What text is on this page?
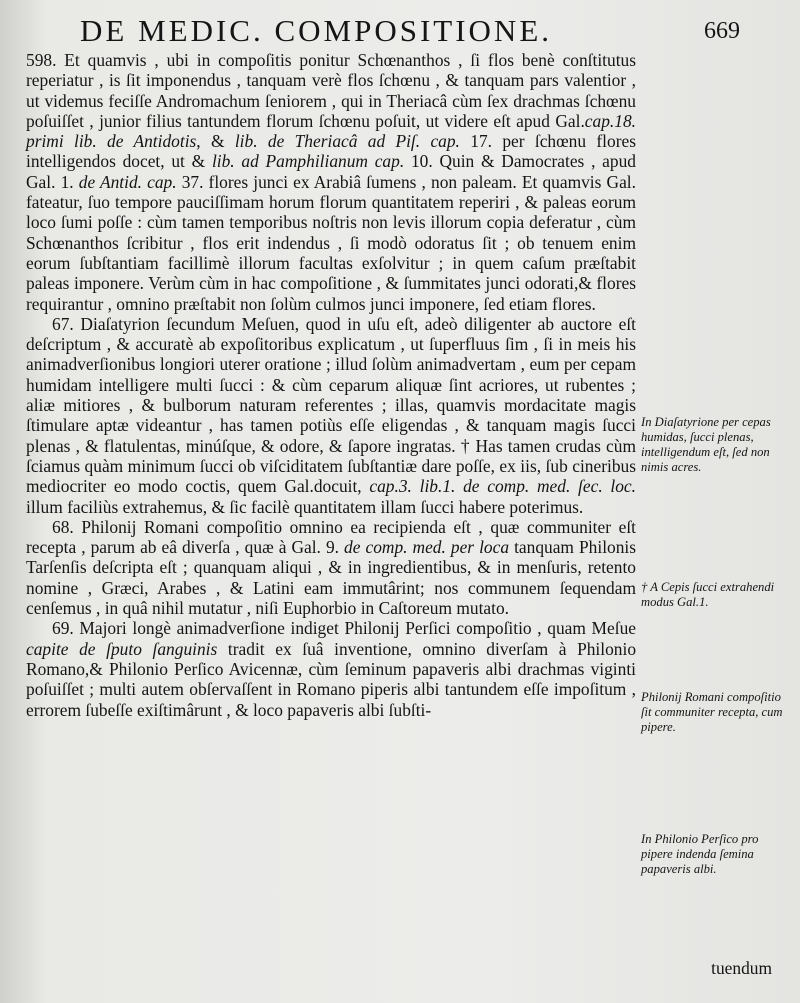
DE MEDIC. COMPOSITIONE.	669

598. Et quamvis , ubi in compoſitis ponitur Schœnanthos , ſi flos benè conſtitutus reperiatur , is ſit imponendus , tanquam verè flos ſchœnu , & tanquam pars valentior , ut videmus feciſſe Andromachum ſeniorem , qui in Theriacâ cùm ſex drachmas ſchœnu poſuiſſet , junior filius tantundem florum ſchœnu poſuit, ut videre eſt apud Gal.cap.18. primi lib. de Antidotis, & lib. de Theriacâ ad Piſ. cap. 17. per ſchœnu flores intelligendos docet, ut & lib. ad Pamphilianum cap. 10. Quin & Damocrates , apud Gal. 1. de Antid. cap. 37. flores junci ex Arabiâ ſumens , non paleam. Et quamvis Gal. fateatur, ſuo tempore pauciſſimam horum florum quantitatem reperiri , & paleas eorum loco ſumi poſſe : cùm tamen temporibus noſtris non levis illorum copia deferatur , cùm Schœnanthos ſcribitur , flos erit indendus , ſi modò odoratus ſit ; ob tenuem enim eorum ſubſtantiam facillimè illorum facultas exſolvitur ; in quem caſum præſtabit paleas imponere. Verùm cùm in hac compoſitione , & ſummitates junci odorati,& flores requirantur , omnino præſtabit non ſolùm culmos junci imponere, ſed etiam flores.

67. Diaſatyrion ſecundum Meſuen, quod in uſu eſt, adeò diligenter ab auctore eſt deſcriptum , & accuratè ab expoſitoribus explicatum , ut ſuperfluus ſim , ſi in meis his animadverſionibus longiori uterer oratione ; illud ſolùm animadvertam , eum per cepam humidam intelligere multi ſucci : & cùm ceparum aliquæ ſint acriores, ut rubentes ; aliæ mitiores , & bulborum naturam referentes ; illas, quamvis mordacitate magis ſtimulare aptæ videantur , has tamen potiùs eſſe eligendas , & tanquam magis ſucci plenas , & flatulentas, minúſque, & odore, & ſapore ingratas. † Has tamen crudas cùm ſciamus quàm minimum ſucci ob viſciditatem ſubſtantiæ dare poſſe, ex iis, ſub cineribus mediocriter eo modo coctis, quem Gal.docuit, cap.3. lib.1. de comp. med. ſec. loc. illum faciliùs extrahemus, & ſic facilè quantitatem illam ſucci habere poterimus.

68. Philonij Romani compoſitio omnino ea recipienda eſt , quæ communiter eſt recepta , parum ab eâ diverſa , quæ à Gal. 9. de comp. med. per loca tanquam Philonis Tarſenſis deſcripta eſt ; quanquam aliqui , & in ingredientibus, & in menſuris, retento nomine , Græci, Arabes , & Latini eam immutârint; nos communem ſequendam cenſemus , in quâ nihil mutatur , niſi Euphorbio in Caſtoreum mutato.

69. Majori longè animadverſione indiget Philonij Perſici compoſitio , quam Meſue capite de ſputo ſanguinis tradit ex ſuâ inventione, omnino diverſam à Philonio Romano,& Philonio Perſico Avicennæ, cùm ſeminum papaveris albi drachmas viginti poſuiſſet ; multi autem obſervaſſent in Romano piperis albi tantundem eſſe impoſitum , errorem ſubeſſe exiſtimârunt , & loco papaveris albi ſubſti-

tuendum
In Diaſatyrione per cepas humidas, ſucci plenas, intelligendum eſt, ſed non nimis acres.
† A Cepis ſucci extrahendi modus Gal.1.
Philonij Romani compoſitio ſit communiter recepta, cum pipere.
In Philonio Perſico pro pipere indenda ſemina papaveris albi.
